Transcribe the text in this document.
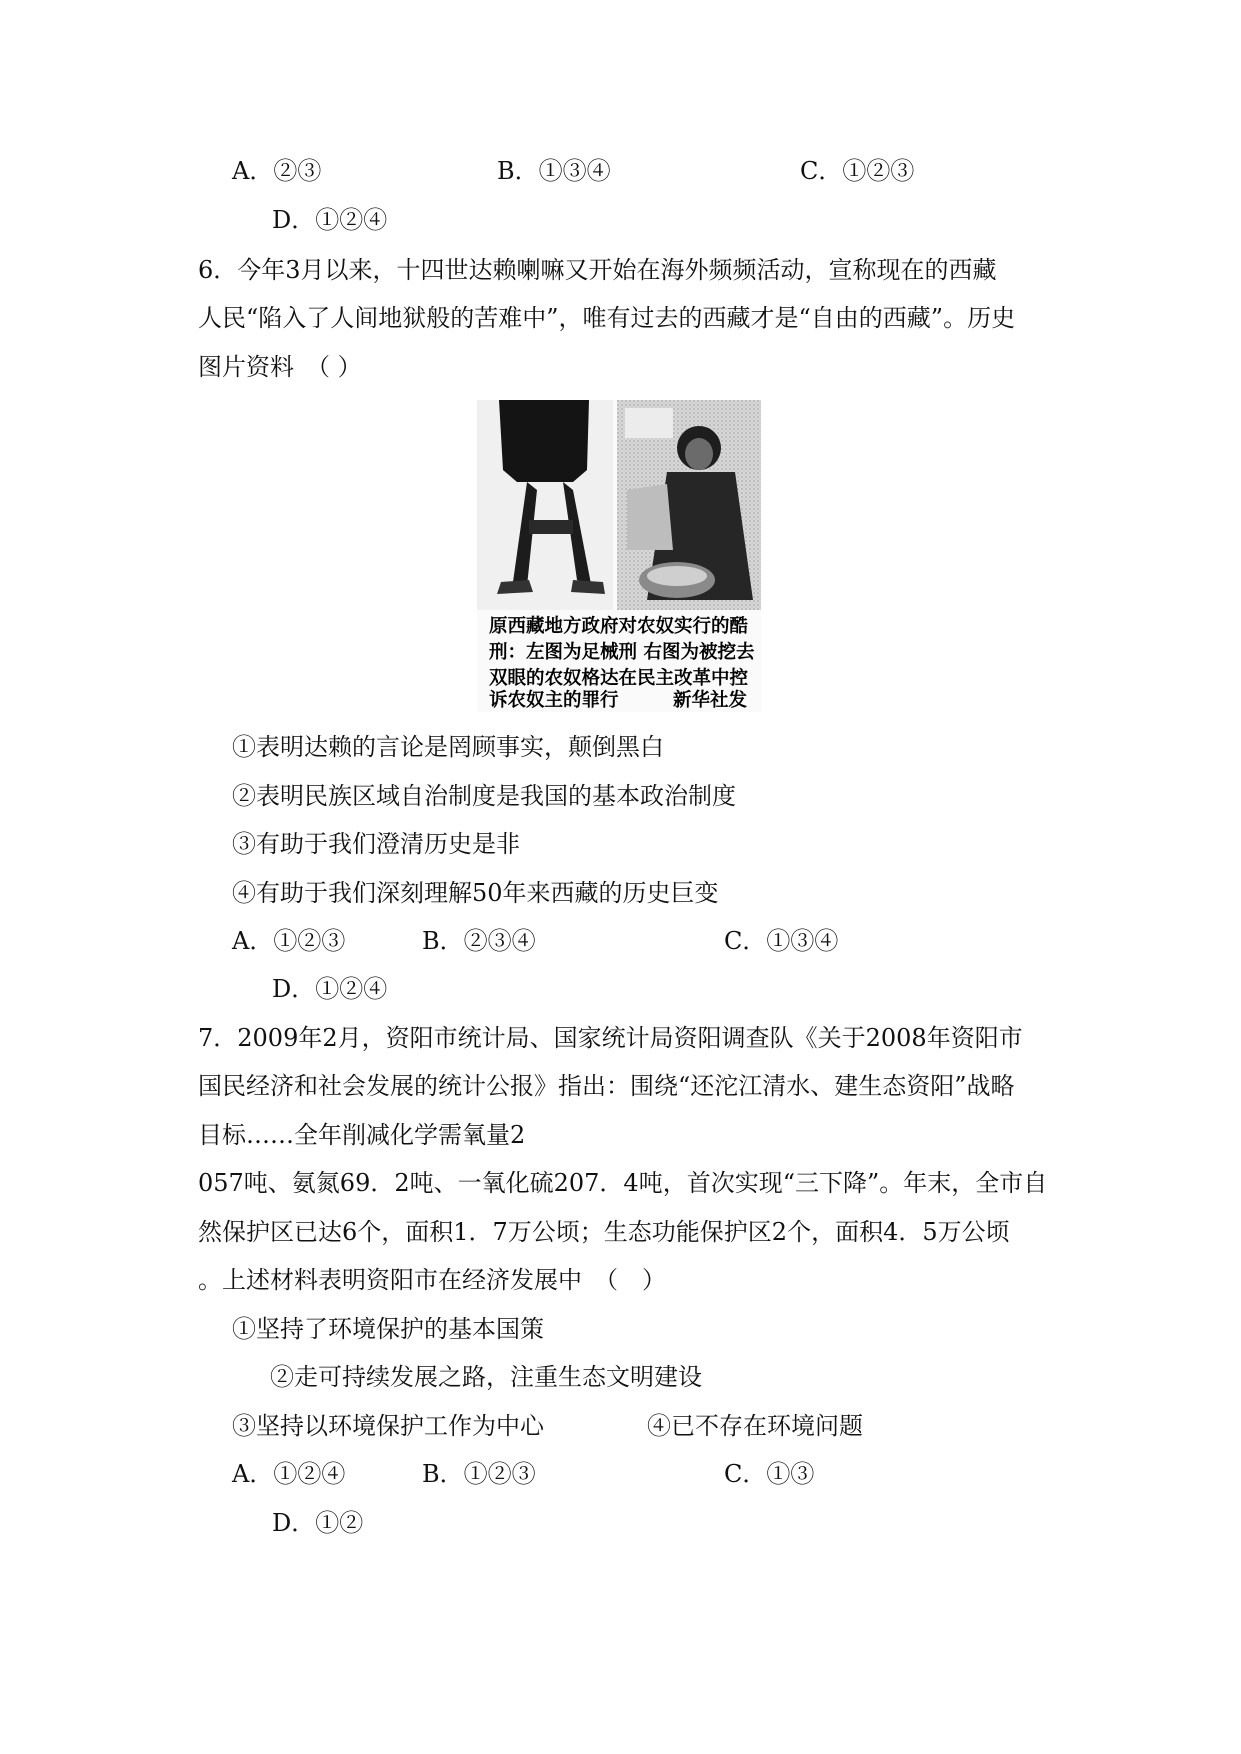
A．②③	B．①③④	C．①②③
D．①②④
6．今年3月以来，十四世达赖喇嘛又开始在海外频频活动，宣称现在的西藏
人民“陷入了人间地狱般的苦难中”，唯有过去的西藏才是“自由的西藏”。历史
图片资料　（ ）
原西藏地方政府对农奴实行的酷
刑：左图为足械刑 右图为被挖去
双眼的农奴格达在民主改革中控
诉农奴主的罪行	新华社发
①表明达赖的言论是罔顾事实，颠倒黑白
②表明民族区域自治制度是我国的基本政治制度
③有助于我们澄清历史是非
④有助于我们深刻理解50年来西藏的历史巨变
A．①②③	B．②③④	C．①③④
D．①②④
7．2009年2月，资阳市统计局、国家统计局资阳调查队《关于2008年资阳市
国民经济和社会发展的统计公报》指出：围绕“还沱江清水、建生态资阳”战略
目标……全年削减化学需氧量2
057吨、氨氮69．2吨、一氧化硫207．4吨，首次实现“三下降”。年末，全市自
然保护区已达6个，面积1．7万公顷；生态功能保护区2个，面积4．5万公顷
。上述材料表明资阳市在经济发展中　（　）
①坚持了环境保护的基本国策
②走可持续发展之路，注重生态文明建设
③坚持以环境保护工作为中心	④已不存在环境问题
A．①②④	B．①②③	C．①③
D．①②
